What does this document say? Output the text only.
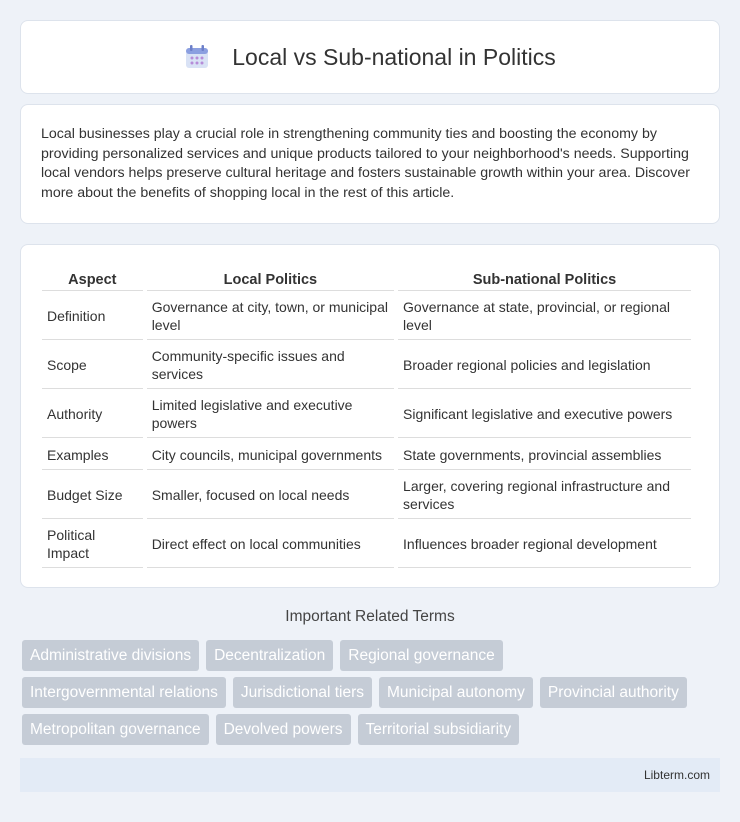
Local vs Sub-national in Politics

Local businesses play a crucial role in strengthening community ties and boosting the economy by providing personalized services and unique products tailored to your neighborhood's needs. Supporting local vendors helps preserve cultural heritage and fosters sustainable growth within your area. Discover more about the benefits of shopping local in the rest of this article.

Aspect	Local Politics	Sub-national Politics
Definition	Governance at city, town, or municipal level	Governance at state, provincial, or regional level
Scope	Community-specific issues and services	Broader regional policies and legislation
Authority	Limited legislative and executive powers	Significant legislative and executive powers
Examples	City councils, municipal governments	State governments, provincial assemblies
Budget Size	Smaller, focused on local needs	Larger, covering regional infrastructure and services
Political Impact	Direct effect on local communities	Influences broader regional development
Important Related Terms
Administrative divisions	Decentralization	Regional governance
Intergovernmental relations	Jurisdictional tiers	Municipal autonomy	Provincial authority
Metropolitan governance	Devolved powers	Territorial subsidiarity
Libterm.com
